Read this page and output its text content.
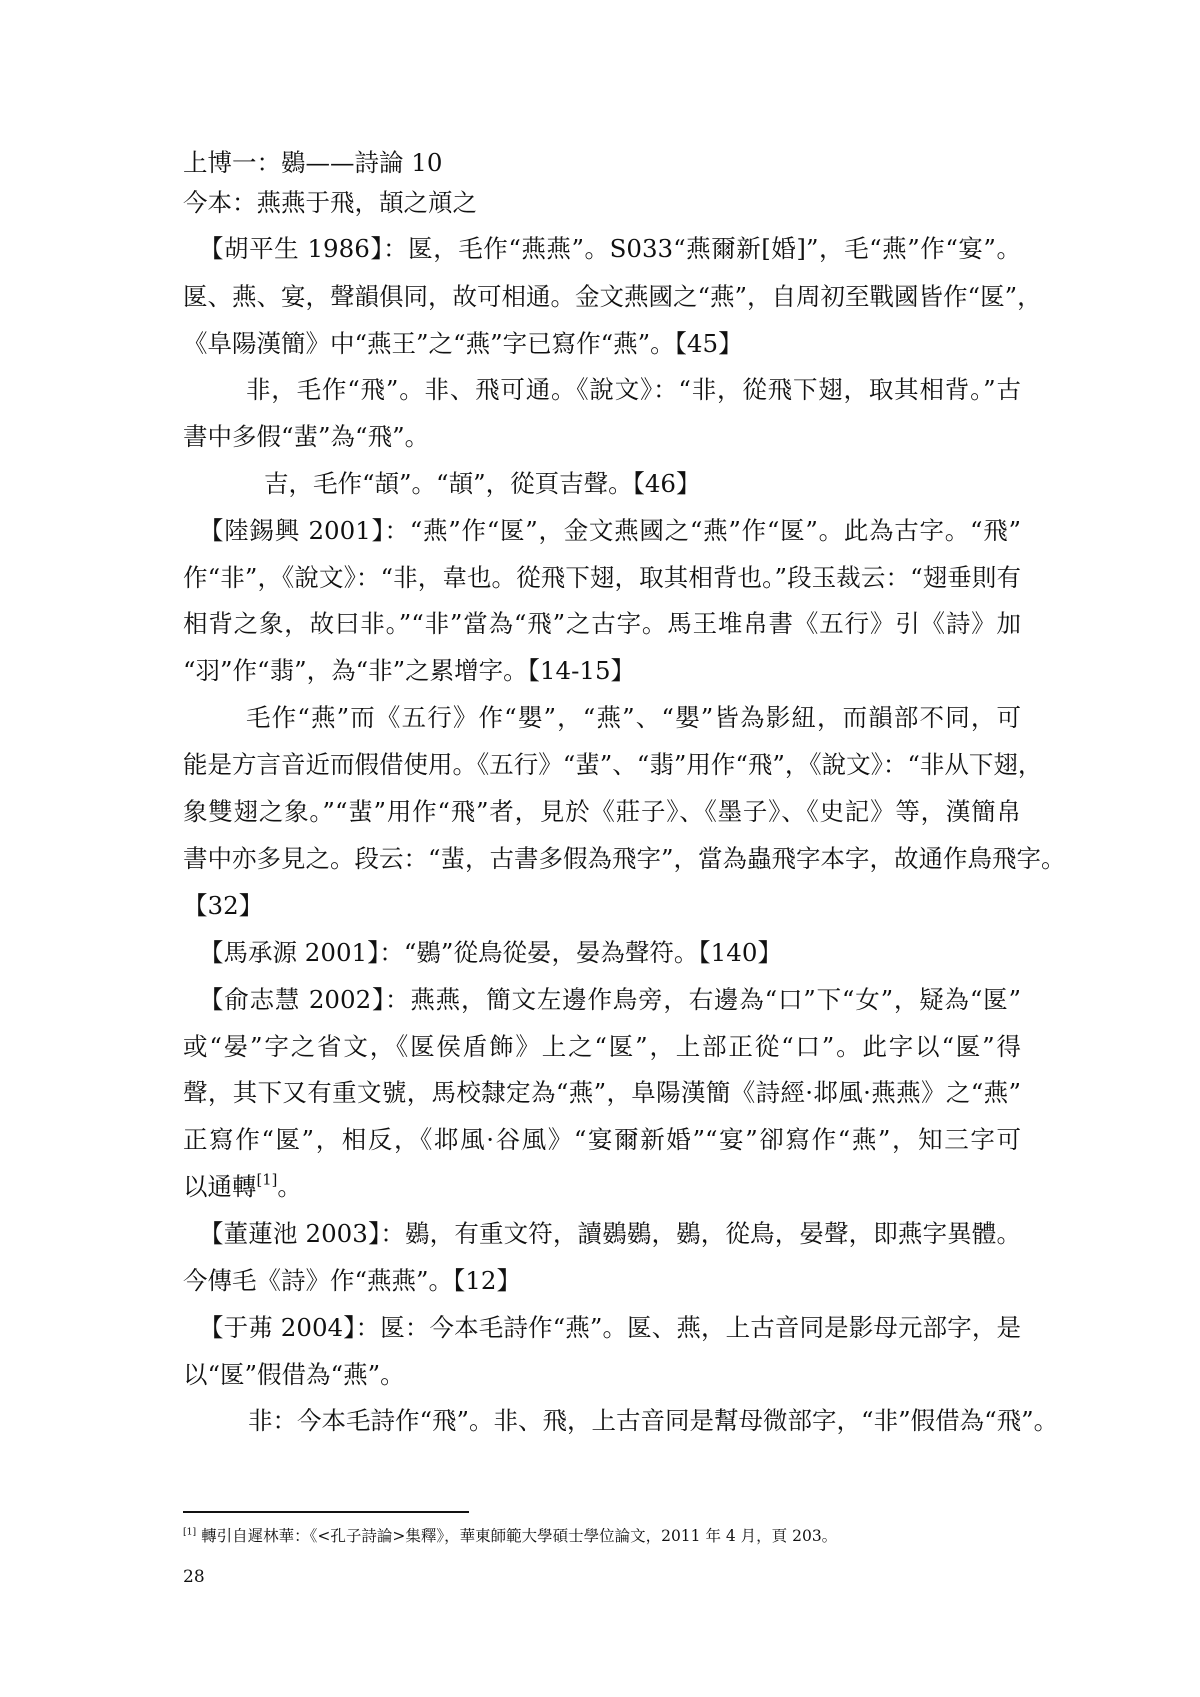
上博一：鷃——詩論 10
今本：燕燕于飛，頡之頏之
【胡平生 1986】：匽，毛作“燕燕”。S033“燕爾新[婚]”，毛“燕”作“宴”。
匽、燕、宴，聲韻俱同，故可相通。金文燕國之“燕”，自周初至戰國皆作“匽”，
《阜陽漢簡》中“燕王”之“燕”字已寫作“燕”。【45】
非，毛作“飛”。非、飛可通。《說文》：“非，從飛下翅，取其相背。”古
書中多假“蜚”為“飛”。
吉，毛作“頡”。“頡”，從頁吉聲。【46】
【陸錫興 2001】：“燕”作“匽”，金文燕國之“燕”作“匽”。此為古字。“飛”
作“非”，《說文》：“非，韋也。從飛下翅，取其相背也。”段玉裁云：“翅垂則有
相背之象，故曰非。”“非”當為“飛”之古字。馬王堆帛書《五行》引《詩》加
“羽”作“翡”，為“非”之累增字。【14-15】
毛作“燕”而《五行》作“嬰”，“燕”、“嬰”皆為影紐，而韻部不同，可
能是方言音近而假借使用。《五行》“蜚”、“翡”用作“飛”，《說文》：“非从下翅，
象雙翅之象。”“蜚”用作“飛”者，見於《莊子》、《墨子》、《史記》等，漢簡帛
書中亦多見之。段云：“蜚，古書多假為飛字”，當為蟲飛字本字，故通作鳥飛字。
【32】
【馬承源 2001】：“鷃”從鳥從晏，晏為聲符。【140】
【俞志慧 2002】：燕燕，簡文左邊作鳥旁，右邊為“口”下“女”，疑為“匽”
或“晏”字之省文，《匽侯盾飾》上之“匽”，上部正從“口”。此字以“匽”得
聲，其下又有重文號，馬校隸定為“燕”，阜陽漢簡《詩經·邶風·燕燕》之“燕”
正寫作“匽”，相反，《邶風·谷風》“宴爾新婚”“宴”卻寫作“燕”，知三字可
以通轉[1]。
【董蓮池 2003】：鷃，有重文符，讀鷃鷃，鷃，從鳥，晏聲，即燕字異體。
今傳毛《詩》作“燕燕”。【12】
【于茀 2004】：匽：今本毛詩作“燕”。匽、燕，上古音同是影母元部字，是
以“匽”假借為“燕”。
非：今本毛詩作“飛”。非、飛，上古音同是幫母微部字，“非”假借為“飛”。
[1] 轉引自遲林華：《<孔子詩論>集釋》，華東師範大學碩士學位論文，2011 年 4 月，頁 203。
28
